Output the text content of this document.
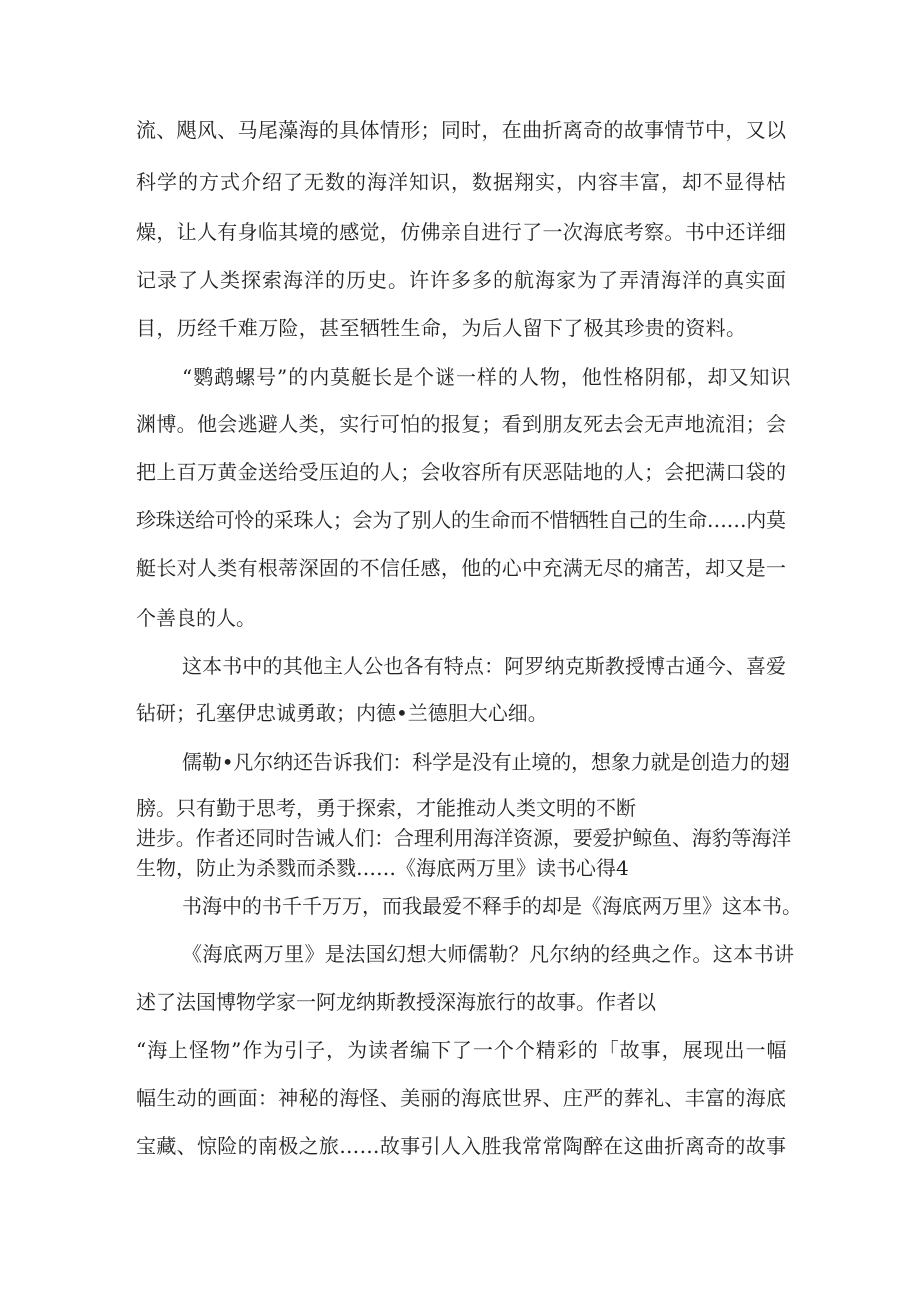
流、飓风、马尾藻海的具体情形；同时，在曲折离奇的故事情节中，又以
科学的方式介绍了无数的海洋知识，数据翔实，内容丰富，却不显得枯
燥，让人有身临其境的感觉，仿佛亲自进行了一次海底考察。书中还详细
记录了人类探索海洋的历史。许许多多的航海家为了弄清海洋的真实面
目，历经千难万险，甚至牺牲生命，为后人留下了极其珍贵的资料。
“鹦鹉螺号”的内莫艇长是个谜一样的人物，他性格阴郁，却又知识
渊博。他会逃避人类，实行可怕的报复；看到朋友死去会无声地流泪；会
把上百万黄金送给受压迫的人；会收容所有厌恶陆地的人；会把满口袋的
珍珠送给可怜的采珠人；会为了别人的生命而不惜牺牲自己的生命……内莫
艇长对人类有根蒂深固的不信任感，他的心中充满无尽的痛苦，却又是一
个善良的人。
这本书中的其他主人公也各有特点：阿罗纳克斯教授博古通今、喜爱
钻研；孔塞伊忠诚勇敢；内德•兰德胆大心细。
儒勒•凡尔纳还告诉我们：科学是没有止境的，想象力就是创造力的翅
膀。只有勤于思考，勇于探索，才能推动人类文明的不断
进步。作者还同时告诫人们：合理利用海洋资源，要爱护鲸鱼、海豹等海洋
生物，防止为杀戮而杀戮……《海底两万里》读书心得4
书海中的书千千万万，而我最爱不释手的却是《海底两万里》这本书。
《海底两万里》是法国幻想大师儒勒？凡尔纳的经典之作。这本书讲
述了法国博物学家一阿龙纳斯教授深海旅行的故事。作者以
“海上怪物”作为引子，为读者编下了一个个精彩的「故事，展现出一幅
幅生动的画面：神秘的海怪、美丽的海底世界、庄严的葬礼、丰富的海底
宝藏、惊险的南极之旅……故事引人入胜我常常陶醉在这曲折离奇的故事
